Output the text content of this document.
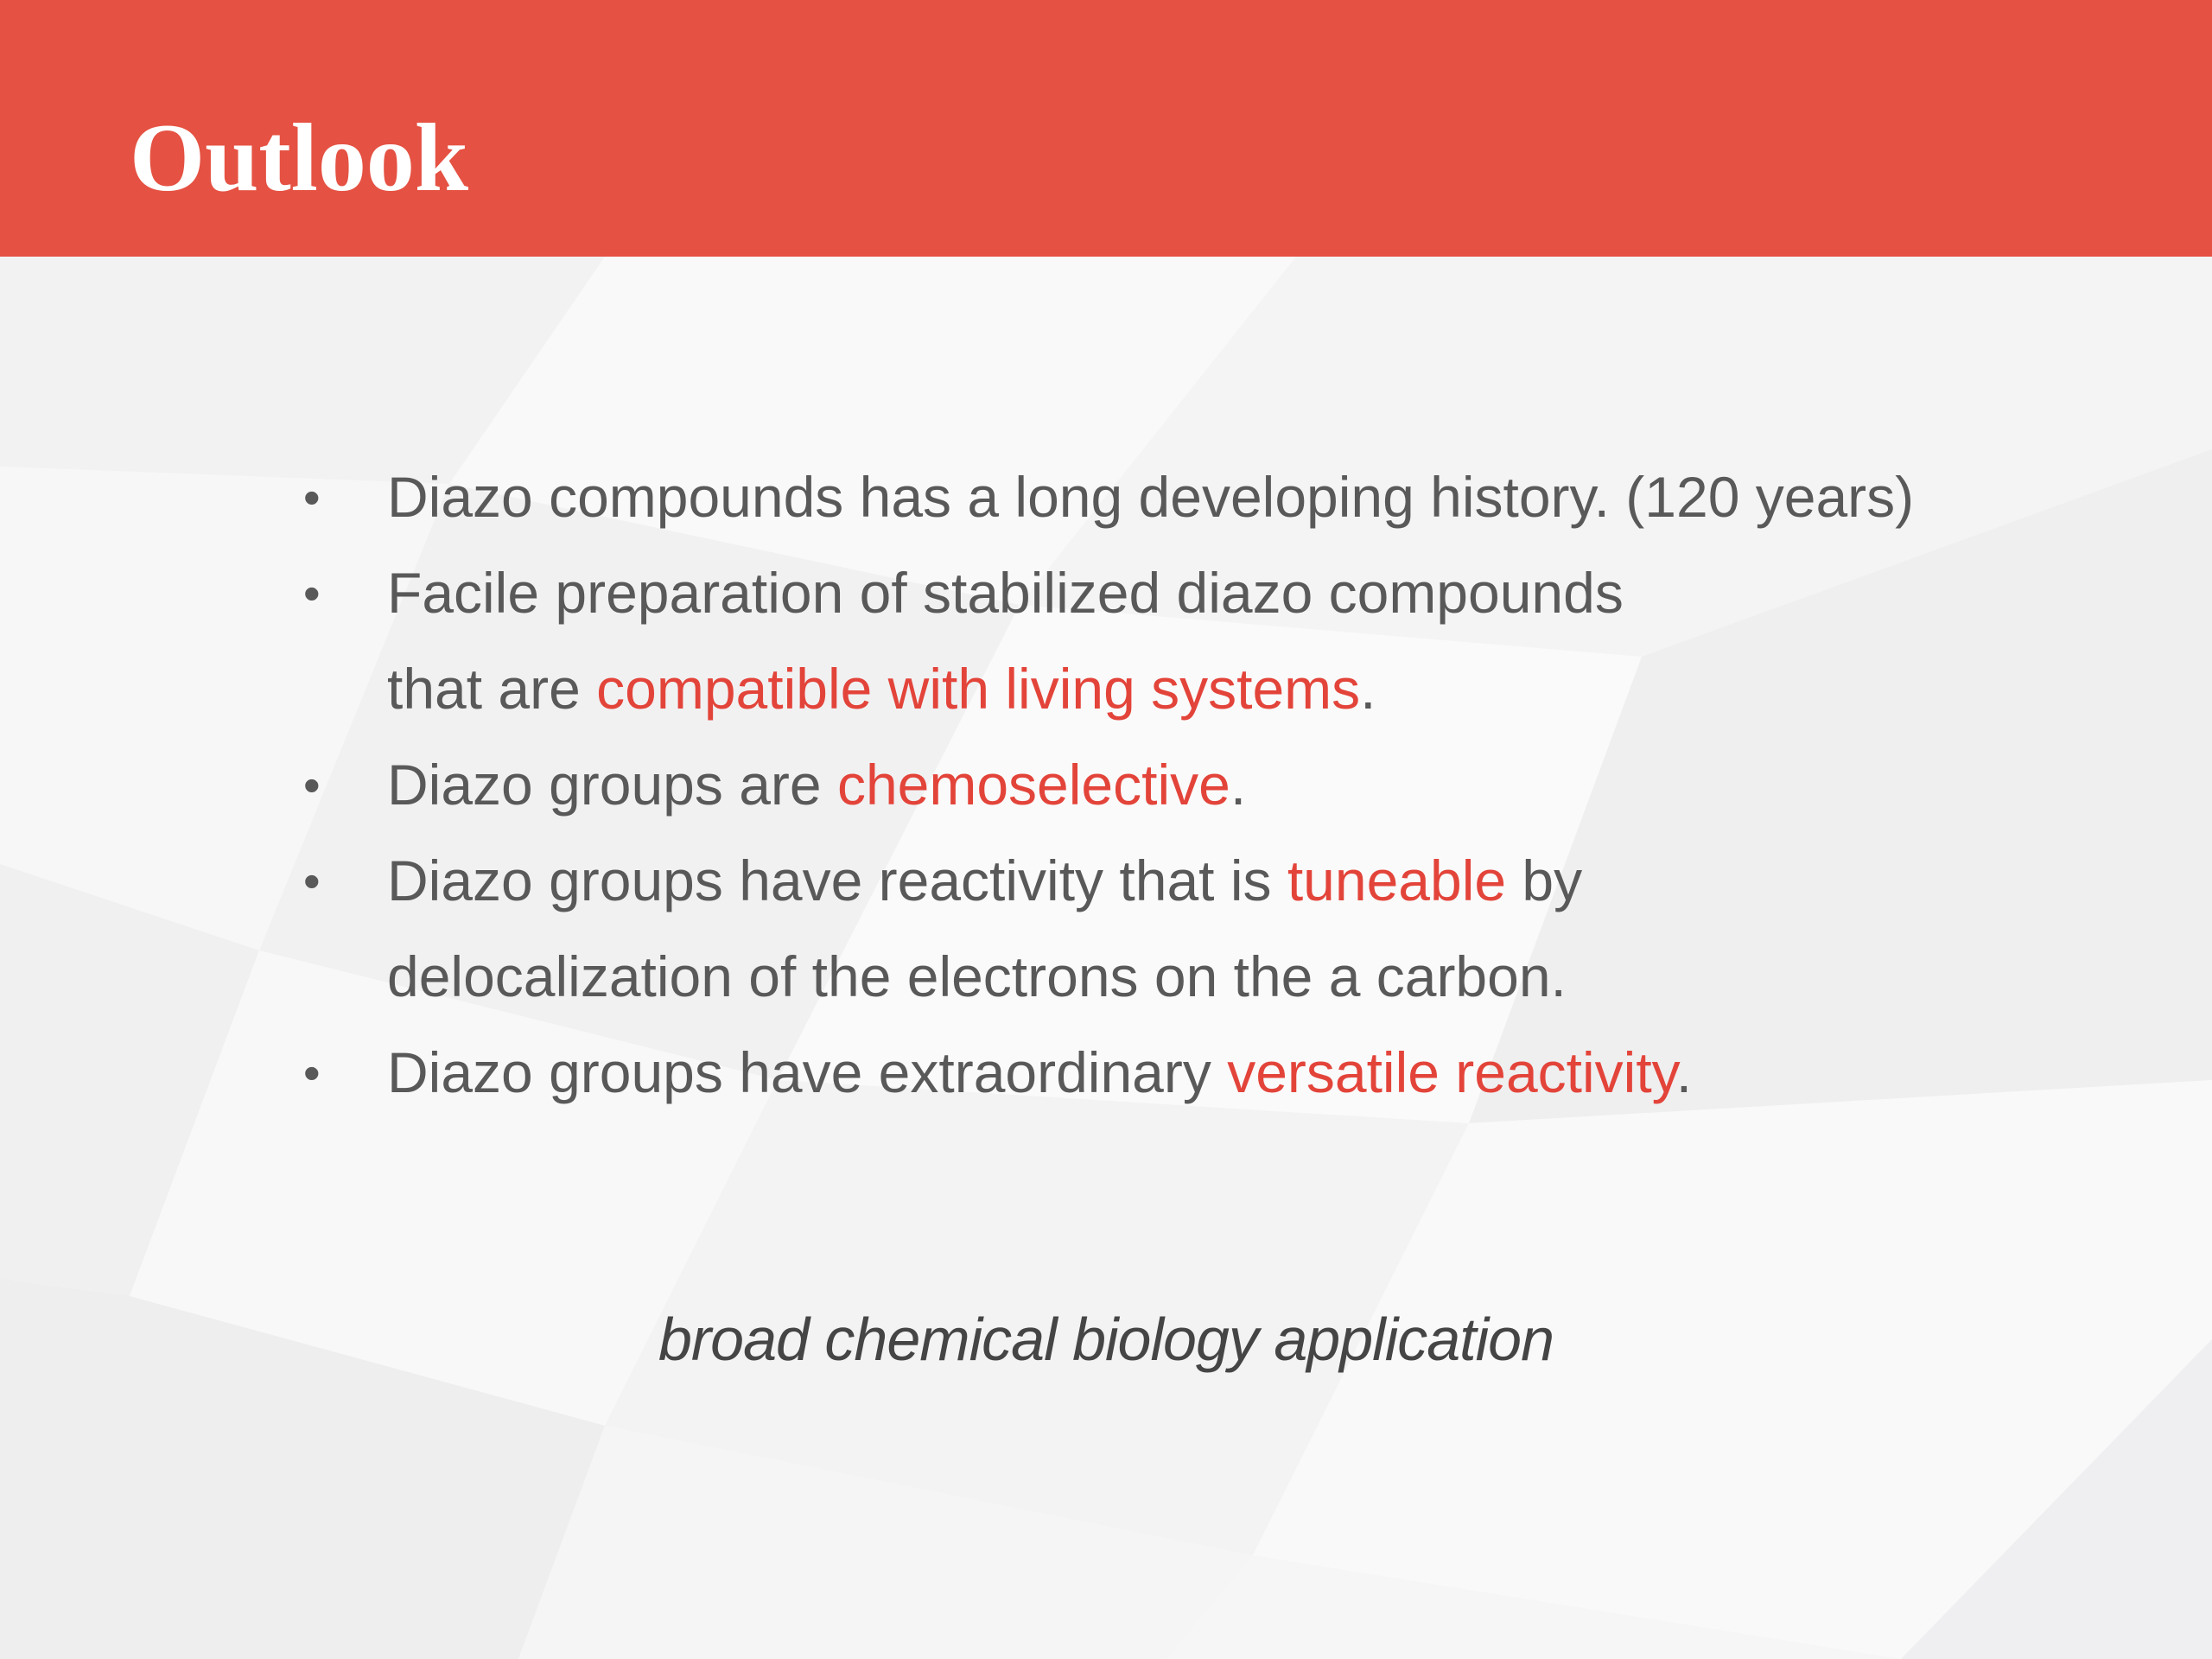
Outlook
• Diazo compounds has a long developing history. (120 years)
• Facile preparation of stabilized diazo compounds
that are compatible with living systems.
• Diazo groups are chemoselective.
• Diazo groups have reactivity that is tuneable by
delocalization of the electrons on the a carbon.
• Diazo groups have extraordinary versatile reactivity.

broad chemical biology application
